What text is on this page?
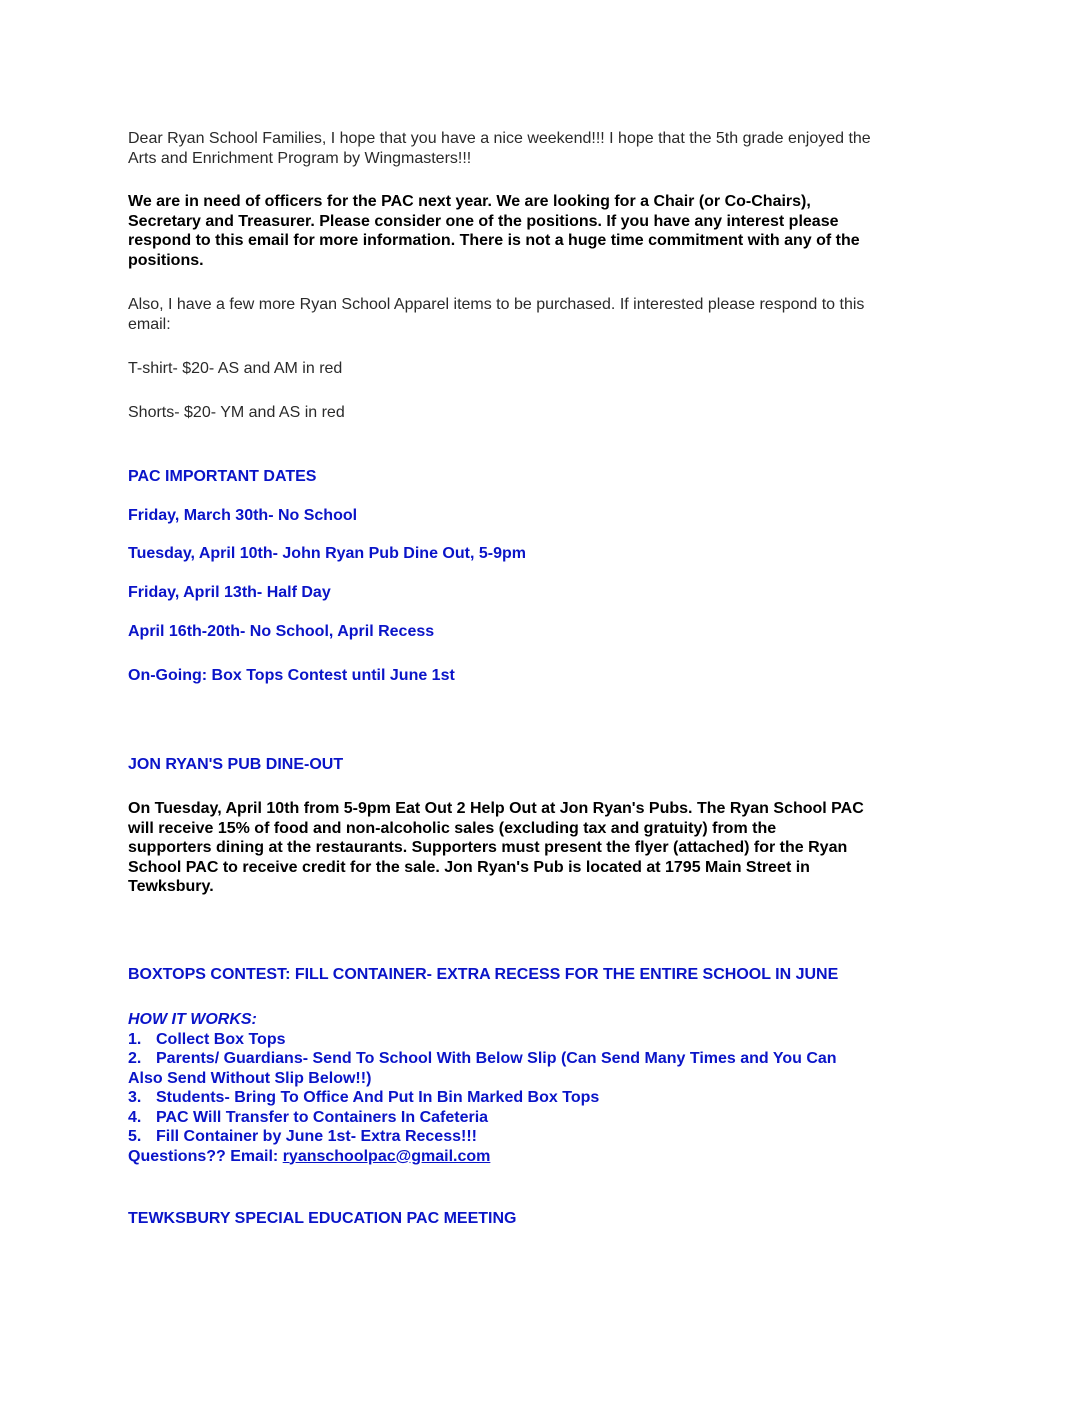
Dear Ryan School Families, I hope that you have a nice weekend!!! I hope that the 5th grade enjoyed the
Arts and Enrichment Program by Wingmasters!!!

We are in need of officers for the PAC next year. We are looking for a Chair (or Co-Chairs),
Secretary and Treasurer. Please consider one of the positions. If you have any interest please
respond to this email for more information. There is not a huge time commitment with any of the
positions.

Also, I have a few more Ryan School Apparel items to be purchased. If interested please respond to this
email:

T-shirt- $20- AS and AM in red

Shorts- $20- YM and AS in red

PAC IMPORTANT DATES

Friday, March 30th- No School

Tuesday, April 10th- John Ryan Pub Dine Out, 5-9pm

Friday, April 13th- Half Day

April 16th-20th- No School, April Recess

On-Going: Box Tops Contest until June 1st

JON RYAN'S PUB DINE-OUT

On Tuesday, April 10th from 5-9pm Eat Out 2 Help Out at Jon Ryan's Pubs. The Ryan School PAC
will receive 15% of food and non-alcoholic sales (excluding tax and gratuity) from the
supporters dining at the restaurants. Supporters must present the flyer (attached) for the Ryan
School PAC to receive credit for the sale. Jon Ryan's Pub is located at 1795 Main Street in
Tewksbury.

BOXTOPS CONTEST: FILL CONTAINER- EXTRA RECESS FOR THE ENTIRE SCHOOL IN JUNE

HOW IT WORKS:
1. Collect Box Tops
2. Parents/ Guardians- Send To School With Below Slip (Can Send Many Times and You Can
Also Send Without Slip Below!!)
3. Students- Bring To Office And Put In Bin Marked Box Tops
4. PAC Will Transfer to Containers In Cafeteria
5. Fill Container by June 1st- Extra Recess!!!
Questions?? Email: ryanschoolpac@gmail.com

TEWKSBURY SPECIAL EDUCATION PAC MEETING
